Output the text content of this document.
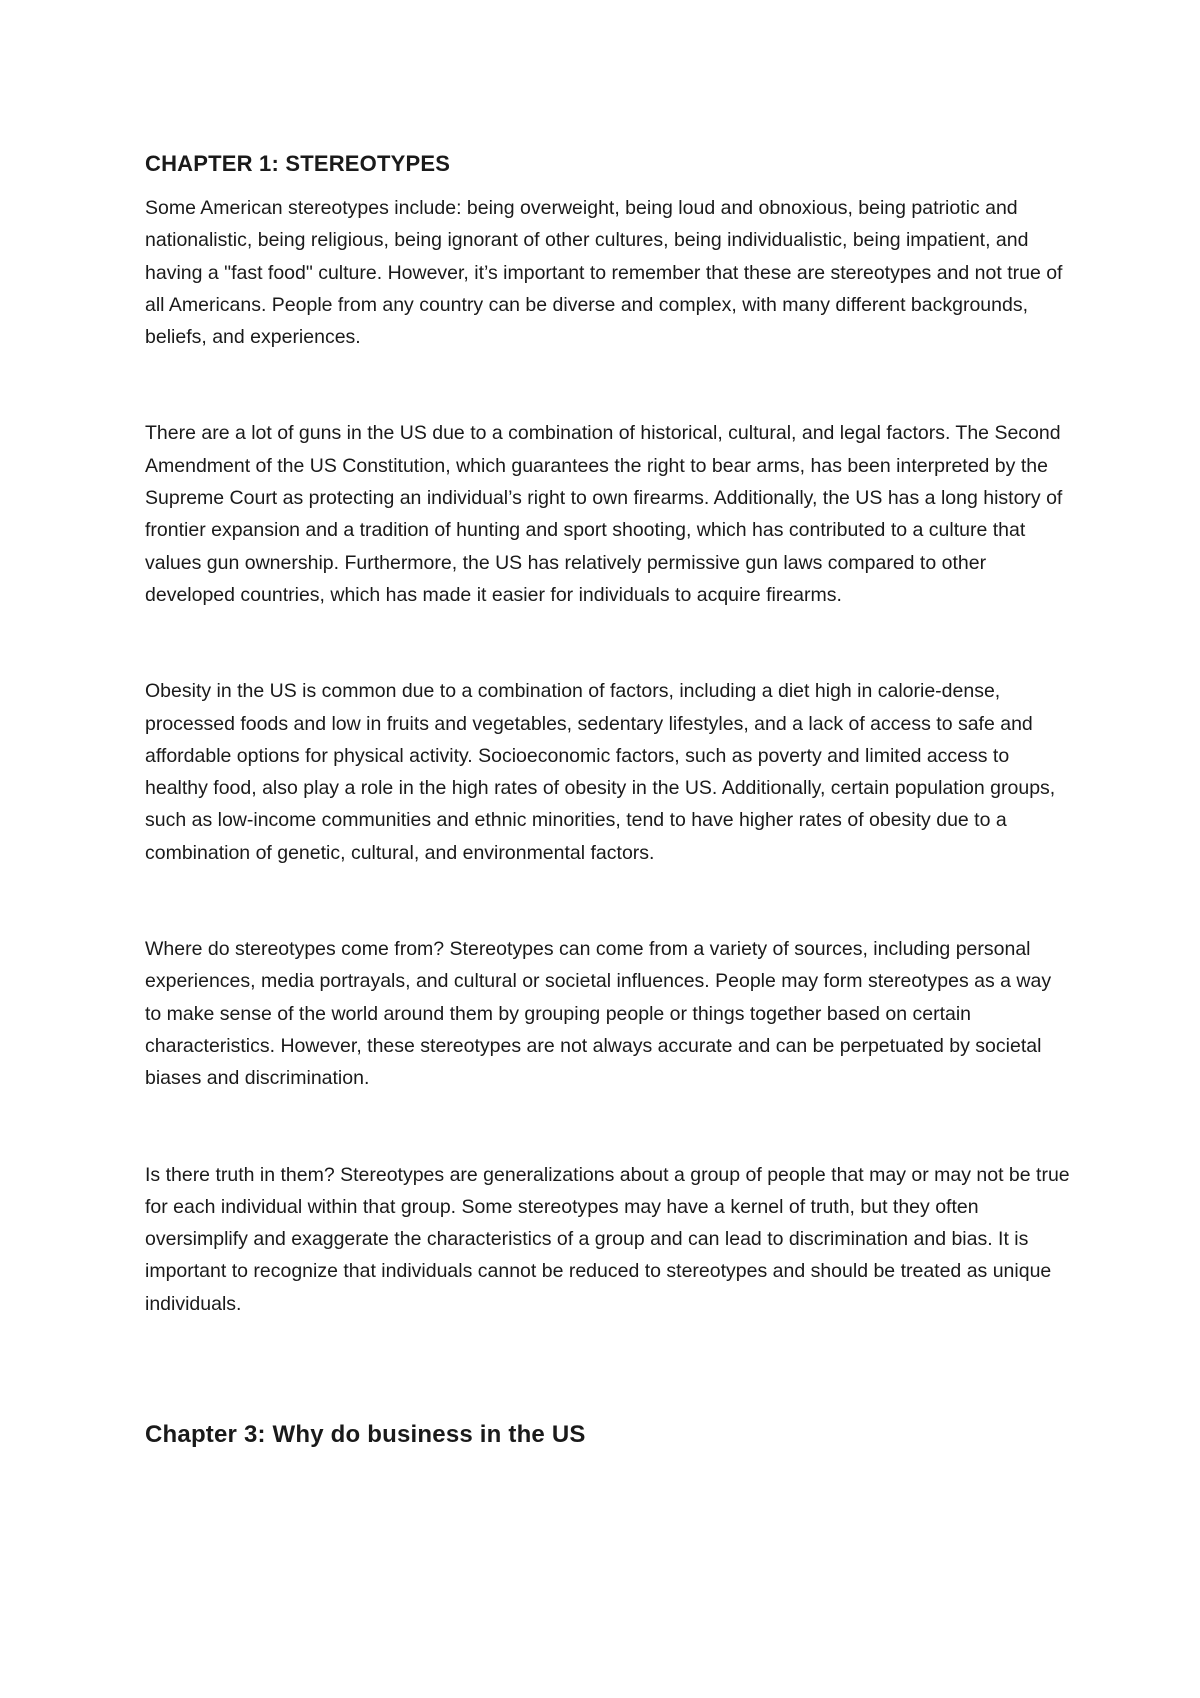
CHAPTER 1: STEREOTYPES

Some American stereotypes include: being overweight, being loud and obnoxious, being patriotic and nationalistic, being religious, being ignorant of other cultures, being individualistic, being impatient, and having a "fast food" culture. However, it’s important to remember that these are stereotypes and not true of all Americans. People from any country can be diverse and complex, with many different backgrounds, beliefs, and experiences.

There are a lot of guns in the US due to a combination of historical, cultural, and legal factors. The Second Amendment of the US Constitution, which guarantees the right to bear arms, has been interpreted by the Supreme Court as protecting an individual’s right to own firearms. Additionally, the US has a long history of frontier expansion and a tradition of hunting and sport shooting, which has contributed to a culture that values gun ownership. Furthermore, the US has relatively permissive gun laws compared to other developed countries, which has made it easier for individuals to acquire firearms.

Obesity in the US is common due to a combination of factors, including a diet high in calorie-dense, processed foods and low in fruits and vegetables, sedentary lifestyles, and a lack of access to safe and affordable options for physical activity. Socioeconomic factors, such as poverty and limited access to healthy food, also play a role in the high rates of obesity in the US. Additionally, certain population groups, such as low-income communities and ethnic minorities, tend to have higher rates of obesity due to a combination of genetic, cultural, and environmental factors.

Where do stereotypes come from? Stereotypes can come from a variety of sources, including personal experiences, media portrayals, and cultural or societal influences. People may form stereotypes as a way to make sense of the world around them by grouping people or things together based on certain characteristics. However, these stereotypes are not always accurate and can be perpetuated by societal biases and discrimination.

Is there truth in them? Stereotypes are generalizations about a group of people that may or may not be true for each individual within that group. Some stereotypes may have a kernel of truth, but they often oversimplify and exaggerate the characteristics of a group and can lead to discrimination and bias. It is important to recognize that individuals cannot be reduced to stereotypes and should be treated as unique individuals.

Chapter 3: Why do business in the US
